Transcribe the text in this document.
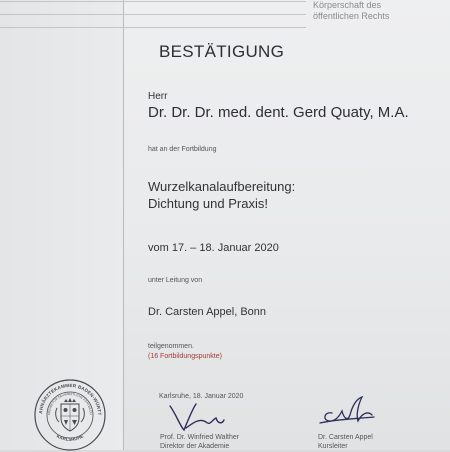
Körperschaft des
öffentlichen Rechts
BESTÄTIGUNG
Herr
Dr. Dr. Dr. med. dent. Gerd Quaty, M.A.
hat an der Fortbildung
Wurzelkanalaufbereitung:
Dichtung und Praxis!
vom 17. – 18. Januar 2020
unter Leitung von
Dr. Carsten Appel, Bonn
teilgenommen.
(16 Fortbildungspunkte)
Karlsruhe, 18. Januar 2020
Prof. Dr. Winfried Walther
Direktor der Akademie
Dr. Carsten Appel
Kursleiter
AHNÄRZTEKAMMER BADEN-WÜRTT
ADEMIE FÜR ZAHNÄRZTLICHE FORTBILDU
KARLSRUHE
